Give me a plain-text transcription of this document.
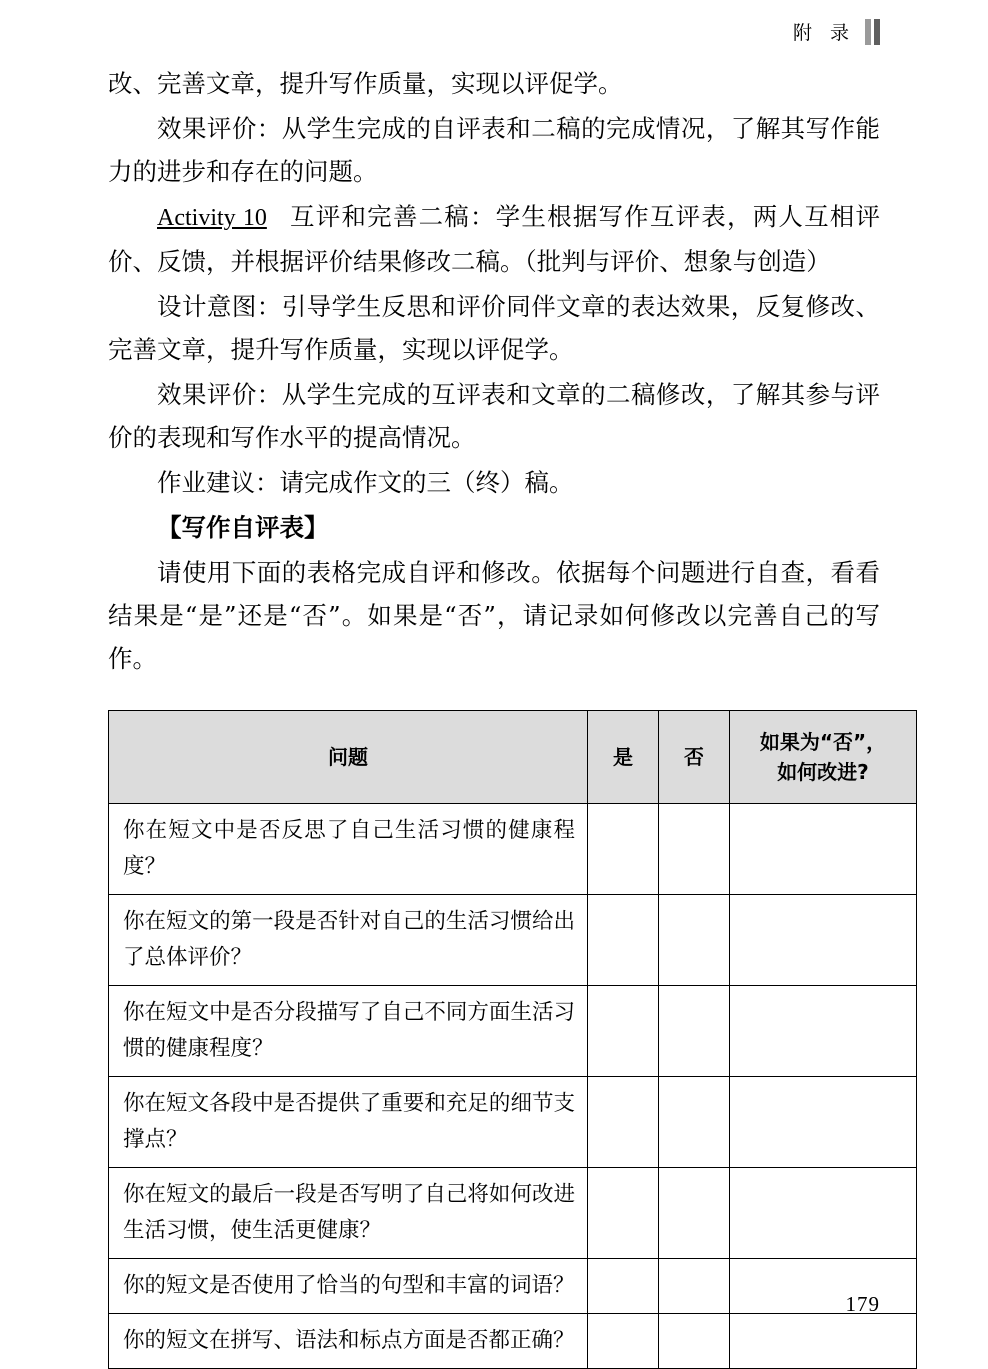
附 录

改、完善文章，提升写作质量，实现以评促学。

效果评价：从学生完成的自评表和二稿的完成情况，了解其写作能力的进步和存在的问题。

Activity 10 互评和完善二稿：学生根据写作互评表，两人互相评价、反馈，并根据评价结果修改二稿。（批判与评价、想象与创造）

设计意图：引导学生反思和评价同伴文章的表达效果，反复修改、完善文章，提升写作质量，实现以评促学。

效果评价：从学生完成的互评表和文章的二稿修改，了解其参与评价的表现和写作水平的提高情况。

作业建议：请完成作文的三（终）稿。

【写作自评表】

请使用下面的表格完成自评和修改。依据每个问题进行自查，看看结果是“是”还是“否”。如果是“否”，请记录如何修改以完善自己的写作。

问题	是	否	如果为“否”，
如何改进?

你在短文中是否反思了自己生活习惯的健康程度？			
你在短文的第一段是否针对自己的生活习惯给出了总体评价？			
你在短文中是否分段描写了自己不同方面生活习惯的健康程度？			
你在短文各段中是否提供了重要和充足的细节支撑点？			
你在短文的最后一段是否写明了自己将如何改进生活习惯，使生活更健康？			
你的短文是否使用了恰当的句型和丰富的词语？			
你的短文在拼写、语法和标点方面是否都正确？			
179
